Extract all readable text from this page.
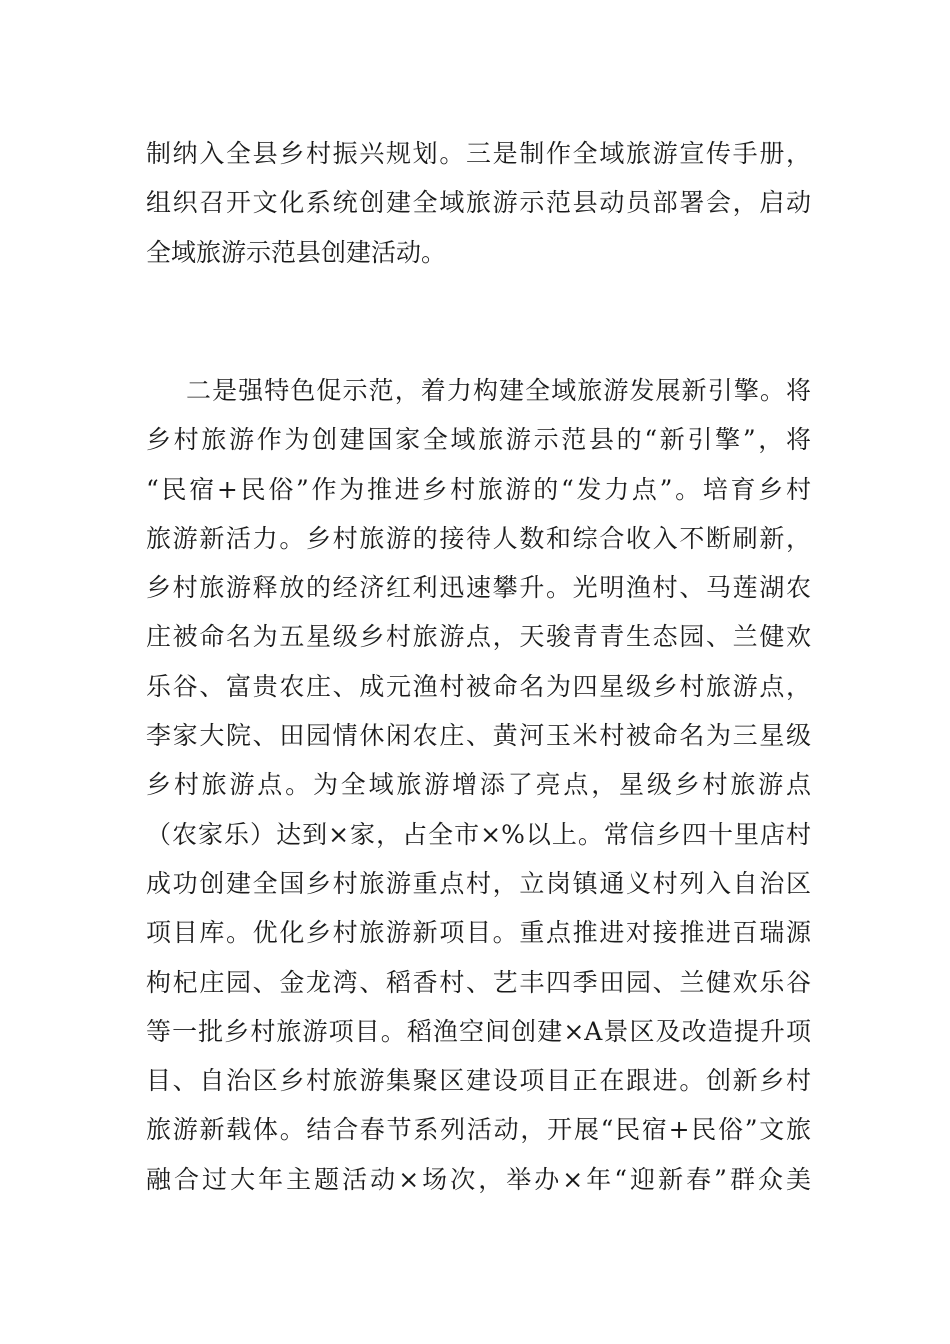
制纳入全县乡村振兴规划。三是制作全域旅游宣传手册，
组织召开文化系统创建全域旅游示范县动员部署会，启动
全域旅游示范县创建活动。
二是强特色促示范，着力构建全域旅游发展新引擎。将
乡村旅游作为创建国家全域旅游示范县的“新引擎”，将
“民宿+民俗”作为推进乡村旅游的“发力点”。培育乡村
旅游新活力。乡村旅游的接待人数和综合收入不断刷新，
乡村旅游释放的经济红利迅速攀升。光明渔村、马莲湖农
庄被命名为五星级乡村旅游点，天骏青青生态园、兰健欢
乐谷、富贵农庄、成元渔村被命名为四星级乡村旅游点，
李家大院、田园情休闲农庄、黄河玉米村被命名为三星级
乡村旅游点。为全域旅游增添了亮点，星级乡村旅游点
（农家乐）达到×家，占全市×%以上。常信乡四十里店村
成功创建全国乡村旅游重点村，立岗镇通义村列入自治区
项目库。优化乡村旅游新项目。重点推进对接推进百瑞源
枸杞庄园、金龙湾、稻香村、艺丰四季田园、兰健欢乐谷
等一批乡村旅游项目。稻渔空间创建×A景区及改造提升项
目、自治区乡村旅游集聚区建设项目正在跟进。创新乡村
旅游新载体。结合春节系列活动，开展“民宿+民俗”文旅
融合过大年主题活动×场次，举办×年“迎新春”群众美
